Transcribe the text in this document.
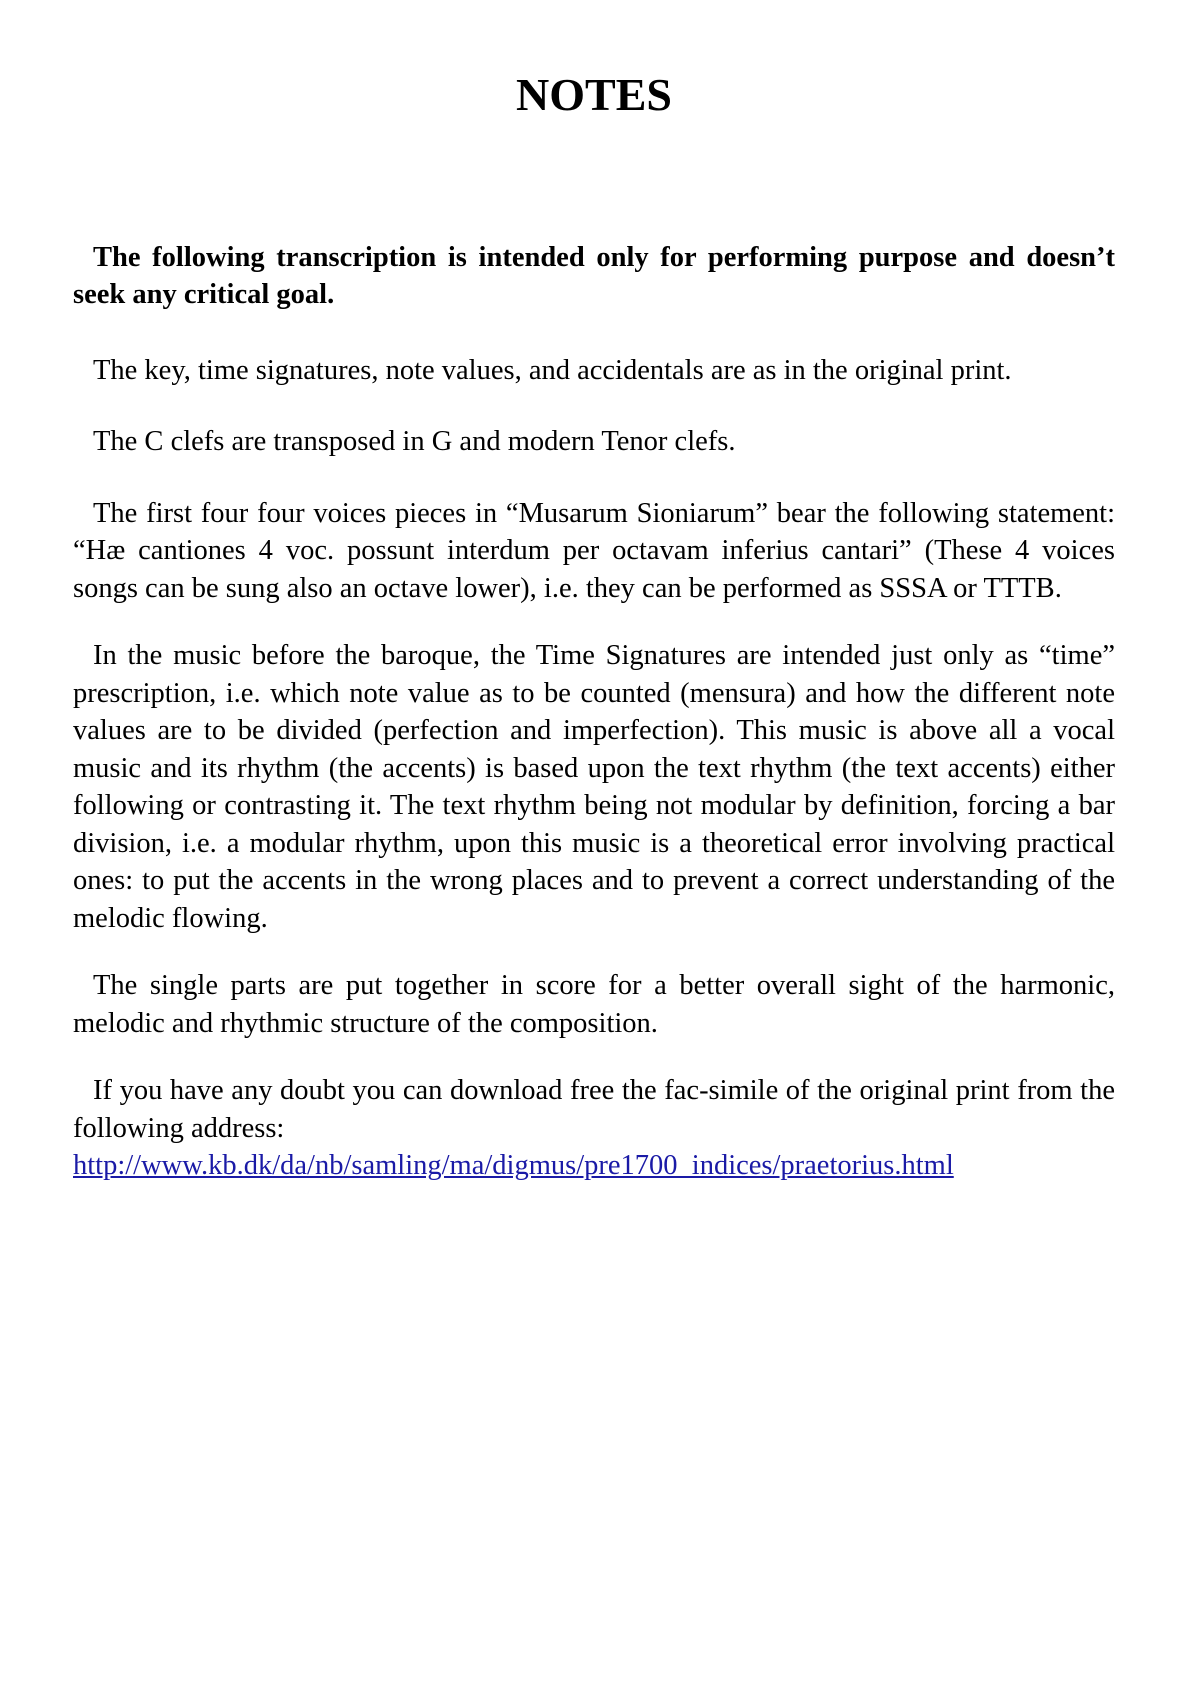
NOTES

The following transcription is intended only for performing purpose and doesn’t seek any critical goal.

The key, time signatures, note values, and accidentals are as in the original print.

The C clefs are transposed in G and modern Tenor clefs.

The first four four voices pieces in “Musarum Sioniarum” bear the following statement: “Hæ cantiones 4 voc. possunt interdum per octavam inferius cantari” (These 4 voices songs can be sung also an octave lower), i.e. they can be performed as SSSA or TTTB.

In the music before the baroque, the Time Signatures are intended just only as “time” prescription, i.e. which note value as to be counted (mensura) and how the different note values are to be divided (perfection and imperfection). This music is above all a vocal music and its rhythm (the accents) is based upon the text rhythm (the text accents) either following or contrasting it. The text rhythm being not modular by definition, forcing a bar division, i.e. a modular rhythm, upon this music is a theoretical error involving practical ones: to put the accents in the wrong places and to prevent a correct understanding of the melodic flowing.

The single parts are put together in score for a better overall sight of the harmonic, melodic and rhythmic structure of the composition.

If you have any doubt you can download free the fac-simile of the original print from the following address:
http://www.kb.dk/da/nb/samling/ma/digmus/pre1700_indices/praetorius.html
